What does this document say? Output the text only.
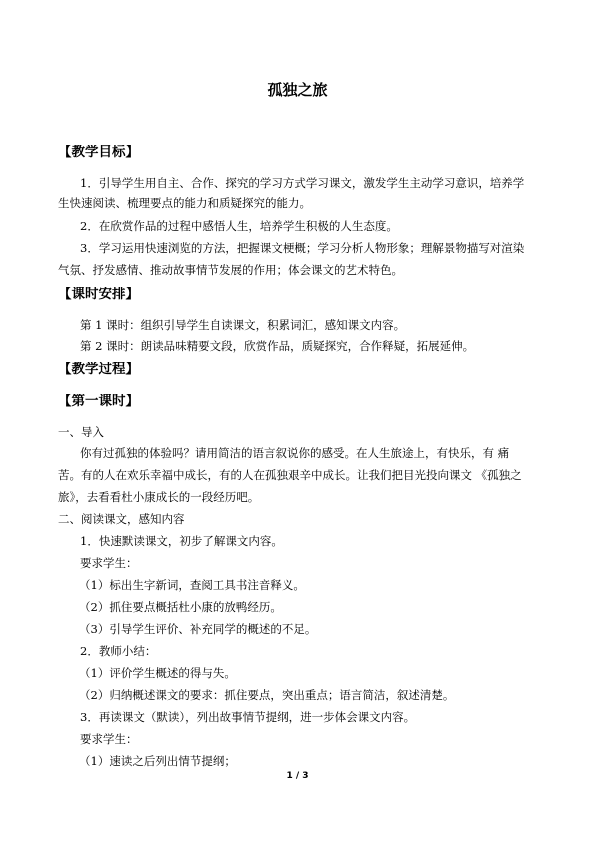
孤独之旅
【教学目标】
1．引导学生用自主、合作、探究的学习方式学习课文，激发学生主动学习意识，培养学
生快速阅读、梳理要点的能力和质疑探究的能力。
2．在欣赏作品的过程中感悟人生，培养学生积极的人生态度。
3．学习运用快速浏览的方法，把握课文梗概；学习分析人物形象；理解景物描写对渲染
气氛、抒发感情、推动故事情节发展的作用；体会课文的艺术特色。
【课时安排】
第 1 课时：组织引导学生自读课文，积累词汇，感知课文内容。
第 2 课时：朗读品味精要文段，欣赏作品，质疑探究，合作释疑，拓展延伸。
【教学过程】
【第一课时】
一、导入
你有过孤独的体验吗？请用简洁的语言叙说你的感受。在人生旅途上，有快乐，有 痛
苦。有的人在欢乐幸福中成长，有的人在孤独艰辛中成长。让我们把目光投向课文 《孤独之
旅》，去看看杜小康成长的一段经历吧。
二、阅读课文，感知内容
1．快速默读课文，初步了解课文内容。
要求学生：
（1）标出生字新词，查阅工具书注音释义。
（2）抓住要点概括杜小康的放鸭经历。
（3）引导学生评价、补充同学的概述的不足。
2．教师小结：
（1）评价学生概述的得与失。
（2）归纳概述课文的要求：抓住要点，突出重点；语言简洁，叙述清楚。
3．再读课文（默读），列出故事情节提纲，进一步体会课文内容。
要求学生：
（1）速读之后列出情节提纲；
1 / 3
